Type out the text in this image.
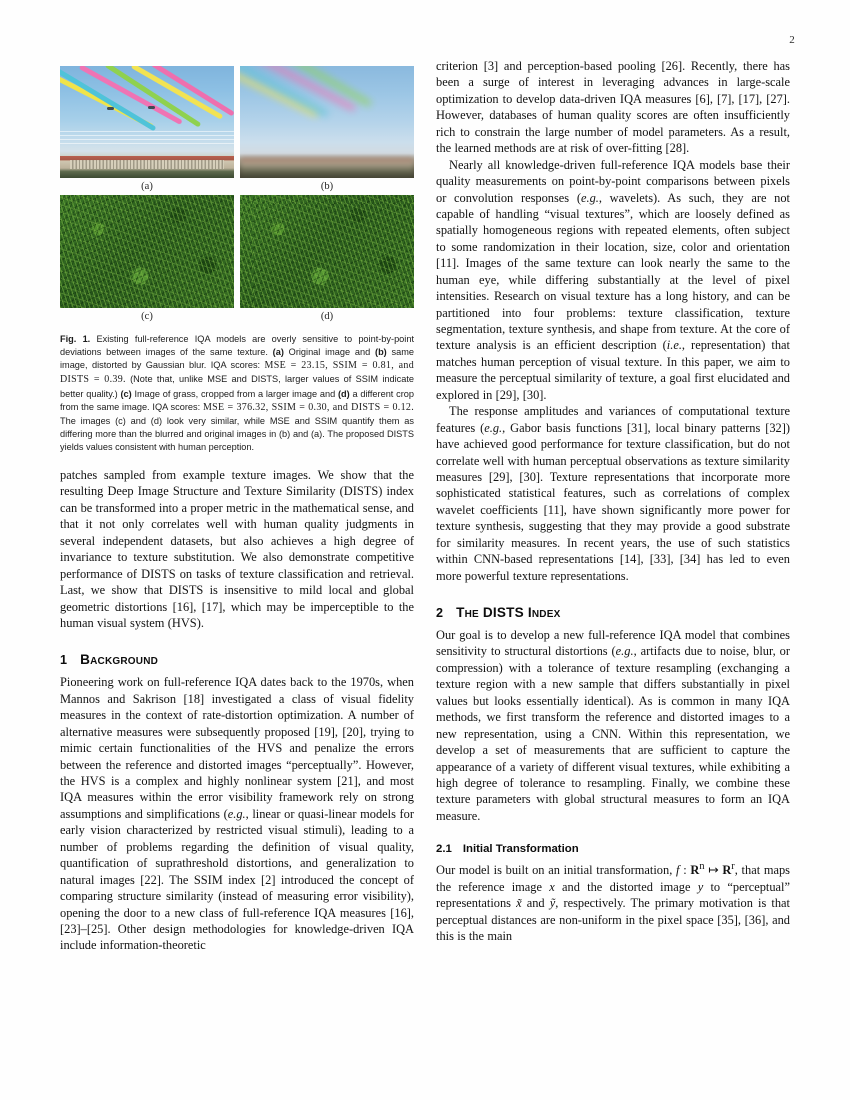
2
(a)	(b)
(c)	(d)
Fig. 1. Existing full-reference IQA models are overly sensitive to point-by-point deviations between images of the same texture. (a) Original image and (b) same image, distorted by Gaussian blur. IQA scores: MSE = 23.15, SSIM = 0.81, and DISTS = 0.39. (Note that, unlike MSE and DISTS, larger values of SSIM indicate better quality.) (c) Image of grass, cropped from a larger image and (d) a different crop from the same image. IQA scores: MSE = 376.32, SSIM = 0.30, and DISTS = 0.12. The images (c) and (d) look very similar, while MSE and SSIM quantify them as differing more than the blurred and original images in (b) and (a). The proposed DISTS yields values consistent with human perception.

patches sampled from example texture images. We show that the resulting Deep Image Structure and Texture Similarity (DISTS) index can be transformed into a proper metric in the mathematical sense, and that it not only correlates well with human quality judgments in several independent datasets, but also achieves a high degree of invariance to texture substitution. We also demonstrate competitive performance of DISTS on tasks of texture classification and retrieval. Last, we show that DISTS is insensitive to mild local and global geometric distortions [16], [17], which may be imperceptible to the human visual system (HVS).

1 Background

Pioneering work on full-reference IQA dates back to the 1970s, when Mannos and Sakrison [18] investigated a class of visual fidelity measures in the context of rate-distortion optimization. A number of alternative measures were subsequently proposed [19], [20], trying to mimic certain functionalities of the HVS and penalize the errors between the reference and distorted images “perceptually”. However, the HVS is a complex and highly nonlinear system [21], and most IQA measures within the error visibility framework rely on strong assumptions and simplifications (e.g., linear or quasi-linear models for early vision characterized by restricted visual stimuli), leading to a number of problems regarding the definition of visual quality, quantification of suprathreshold distortions, and generalization to natural images [22]. The SSIM index [2] introduced the concept of comparing structure similarity (instead of measuring error visibility), opening the door to a new class of full-reference IQA measures [16], [23]–[25]. Other design methodologies for knowledge-driven IQA include information-theoretic

criterion [3] and perception-based pooling [26]. Recently, there has been a surge of interest in leveraging advances in large-scale optimization to develop data-driven IQA measures [6], [7], [17], [27]. However, databases of human quality scores are often insufficiently rich to constrain the large number of model parameters. As a result, the learned methods are at risk of over-fitting [28].

Nearly all knowledge-driven full-reference IQA models base their quality measurements on point-by-point comparisons between pixels or convolution responses (e.g., wavelets). As such, they are not capable of handling “visual textures”, which are loosely defined as spatially homogeneous regions with repeated elements, often subject to some randomization in their location, size, color and orientation [11]. Images of the same texture can look nearly the same to the human eye, while differing substantially at the level of pixel intensities. Research on visual texture has a long history, and can be partitioned into four problems: texture classification, texture segmentation, texture synthesis, and shape from texture. At the core of texture analysis is an efficient description (i.e., representation) that matches human perception of visual texture. In this paper, we aim to measure the perceptual similarity of texture, a goal first elucidated and explored in [29], [30].

The response amplitudes and variances of computational texture features (e.g., Gabor basis functions [31], local binary patterns [32]) have achieved good performance for texture classification, but do not correlate well with human perceptual observations as texture similarity measures [29], [30]. Texture representations that incorporate more sophisticated statistical features, such as correlations of complex wavelet coefficients [11], have shown significantly more power for texture synthesis, suggesting that they may provide a good substrate for similarity measures. In recent years, the use of such statistics within CNN-based representations [14], [33], [34] has led to even more powerful texture representations.

2 The DISTS Index

Our goal is to develop a new full-reference IQA model that combines sensitivity to structural distortions (e.g., artifacts due to noise, blur, or compression) with a tolerance of texture resampling (exchanging a texture region with a new sample that differs substantially in pixel values but looks essentially identical). As is common in many IQA methods, we first transform the reference and distorted images to a new representation, using a CNN. Within this representation, we develop a set of measurements that are sufficient to capture the appearance of a variety of different visual textures, while exhibiting a high degree of tolerance to resampling. Finally, we combine these texture parameters with global structural measures to form an IQA measure.

2.1 Initial Transformation

Our model is built on an initial transformation, f : $R^n$ ↦ $R^r$, that maps the reference image x and the distorted image y to “perceptual” representations x̃ and ỹ, respectively. The primary motivation is that perceptual distances are non-uniform in the pixel space [35], [36], and this is the main
